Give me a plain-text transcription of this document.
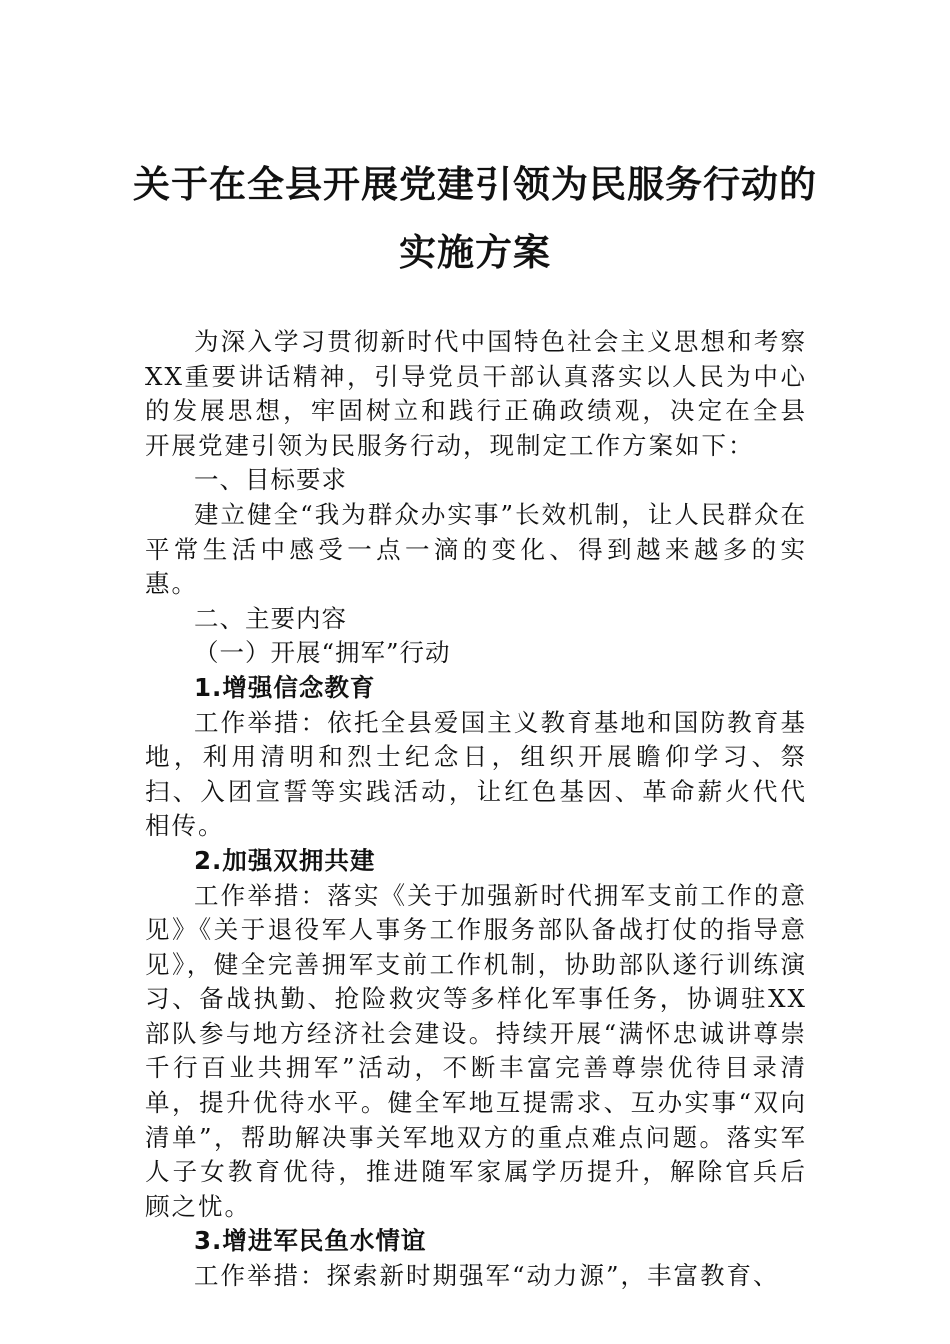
关于在全县开展党建引领为民服务行动的
实施方案

为深入学习贯彻新时代中国特色社会主义思想和考察XX重要讲话精神，引导党员干部认真落实以人民为中心的发展思想，牢固树立和践行正确政绩观，决定在全县开展党建引领为民服务行动，现制定工作方案如下：

一、目标要求

建立健全“我为群众办实事”长效机制，让人民群众在平常生活中感受一点一滴的变化、得到越来越多的实惠。

二、主要内容

（一）开展“拥军”行动

1.增强信念教育

工作举措：依托全县爱国主义教育基地和国防教育基地，利用清明和烈士纪念日，组织开展瞻仰学习、祭扫、入团宣誓等实践活动，让红色基因、革命薪火代代相传。

2.加强双拥共建

工作举措：落实《关于加强新时代拥军支前工作的意见》《关于退役军人事务工作服务部队备战打仗的指导意见》，健全完善拥军支前工作机制，协助部队遂行训练演习、备战执勤、抢险救灾等多样化军事任务，协调驻XX部队参与地方经济社会建设。持续开展“满怀忠诚讲尊崇千行百业共拥军”活动，不断丰富完善尊崇优待目录清单，提升优待水平。健全军地互提需求、互办实事“双向清单”，帮助解决事关军地双方的重点难点问题。落实军人子女教育优待，推进随军家属学历提升，解除官兵后顾之忧。

3.增进军民鱼水情谊

工作举措：探索新时期强军“动力源”，丰富教育、
